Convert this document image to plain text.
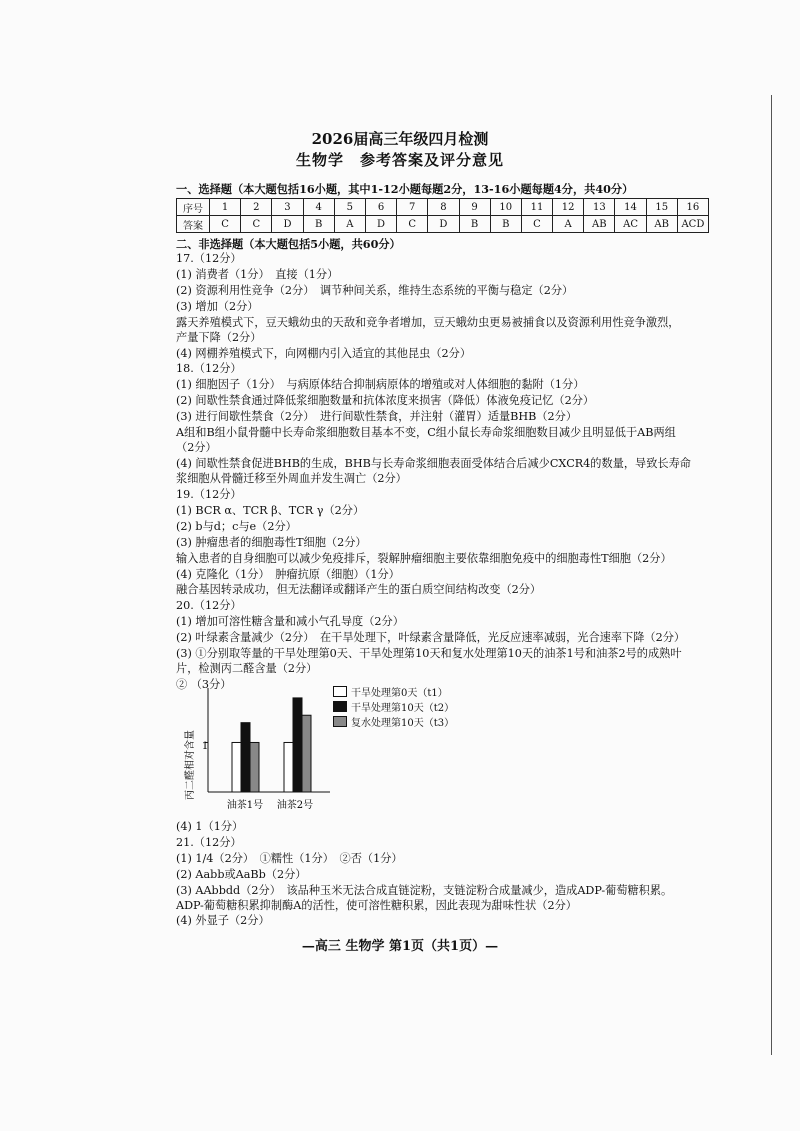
2026届高三年级四月检测
生物学　参考答案及评分意见
一、选择题（本大题包括16小题，其中1-12小题每题2分，13-16小题每题4分，共40分）
序号	1	2	3	4	5	6	7	8	9	10	11	12	13	14	15	16
答案	C	C	D	B	A	D	C	D	B	B	C	A	AB	AC	AB	ACD
二、非选择题（本大题包括5小题，共60分）
17.（12分）
(1) 消费者（1分）　直接（1分）
(2) 资源利用性竞争（2分）　调节种间关系，维持生态系统的平衡与稳定（2分）
(3) 增加（2分）
露天养殖模式下，豆天蛾幼虫的天敌和竞争者增加，豆天蛾幼虫更易被捕食以及资源利用性竞争激烈，
产量下降（2分）
(4) 网棚养殖模式下，向网棚内引入适宜的其他昆虫（2分）
18.（12分）
(1) 细胞因子（1分）　与病原体结合抑制病原体的增殖或对人体细胞的黏附（1分）
(2) 间歇性禁食通过降低浆细胞数量和抗体浓度来损害（降低）体液免疫记忆（2分）
(3) 进行间歇性禁食（2分）　进行间歇性禁食，并注射（灌胃）适量BHB（2分）
A组和B组小鼠骨髓中长寿命浆细胞数目基本不变，C组小鼠长寿命浆细胞数目减少且明显低于AB两组
（2分）
(4) 间歇性禁食促进BHB的生成，BHB与长寿命浆细胞表面受体结合后减少CXCR4的数量，导致长寿命
浆细胞从骨髓迁移至外周血并发生凋亡（2分）
19.（12分）
(1) BCR α、TCR β、TCR γ（2分）
(2) b与d；c与e（2分）
(3) 肿瘤患者的细胞毒性T细胞（2分）
输入患者的自身细胞可以减少免疫排斥，裂解肿瘤细胞主要依靠细胞免疫中的细胞毒性T细胞（2分）
(4) 克隆化（1分）　肿瘤抗原（细胞）（1分）
融合基因转录成功，但无法翻译或翻译产生的蛋白质空间结构改变（2分）
20.（12分）
(1) 增加可溶性糖含量和减小气孔导度（2分）
(2) 叶绿素含量减少（2分）　在干旱处理下，叶绿素含量降低，光反应速率减弱，光合速率下降（2分）
(3) ①分别取等量的干旱处理第0天、干旱处理第10天和复水处理第10天的油茶1号和油茶2号的成熟叶
片，检测丙二醛含量（2分）
② （3分）
丙二醛相对含量 1
油茶1号 油茶2号
干旱处理第0天（t1）
干旱处理第10天（t2）
复水处理第10天（t3）
(4) 1（1分）
21.（12分）
(1) 1/4（2分）　①糯性（1分）　②否（1分）
(2) Aabb或AaBb（2分）
(3) AAbbdd（2分）　该品种玉米无法合成直链淀粉，支链淀粉合成量减少，造成ADP-葡萄糖积累。
ADP-葡萄糖积累抑制酶A的活性，使可溶性糖积累，因此表现为甜味性状（2分）
(4) 外显子（2分）
—高三 生物学 第1页（共1页）—
